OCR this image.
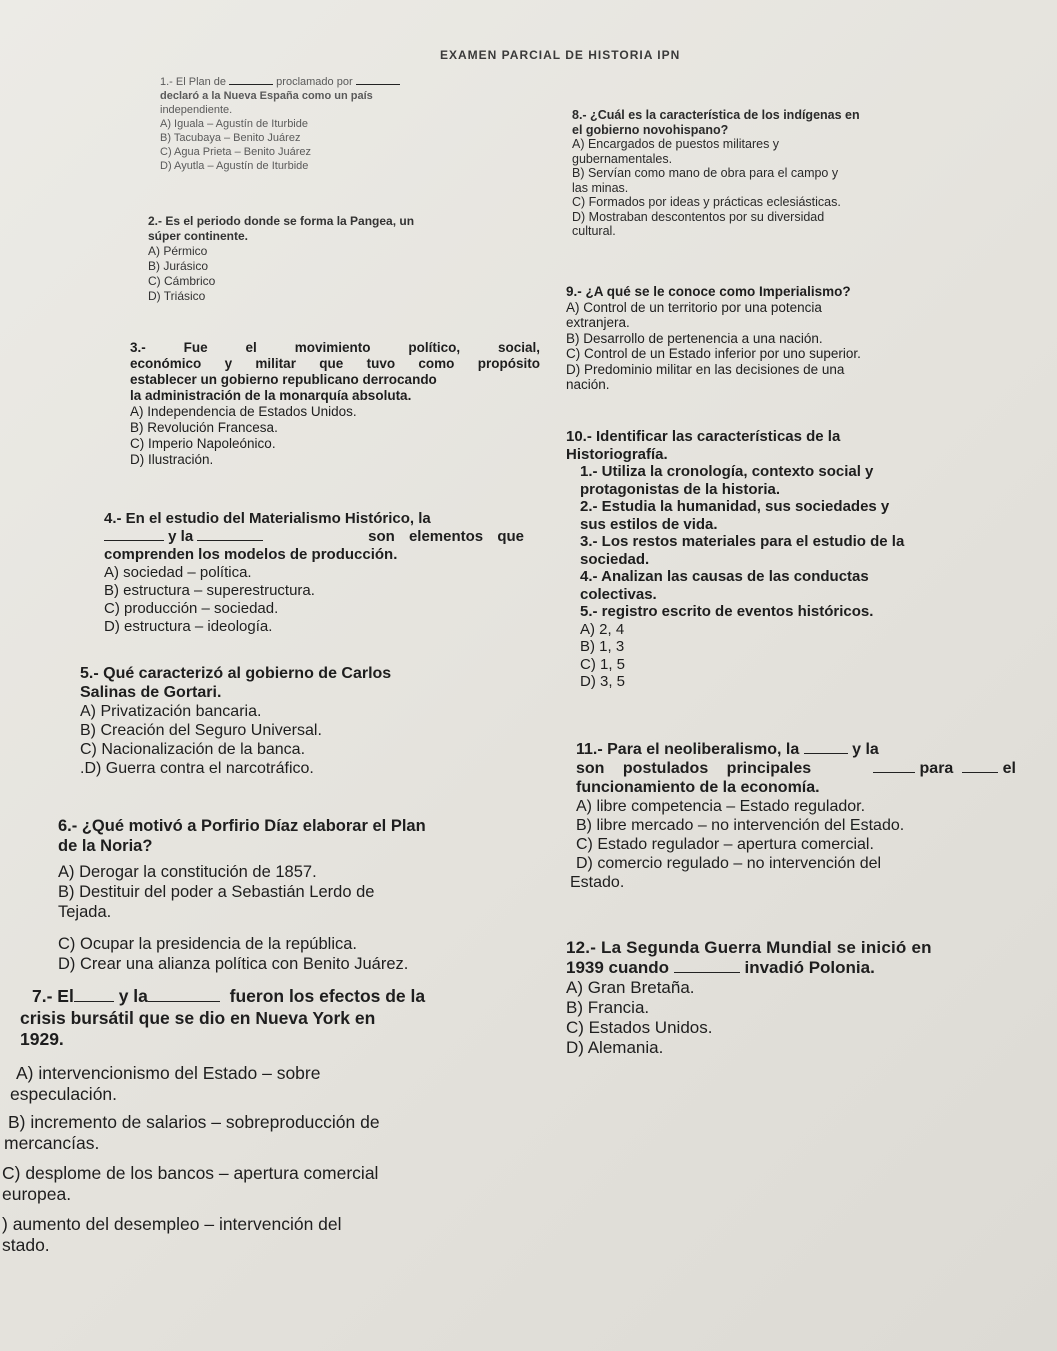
EXAMEN PARCIAL DE HISTORIA IPN
1.- El Plan de	proclamado por
declaró a la Nueva España como un país
independiente.
A) Iguala – Agustín de Iturbide
B) Tacubaya – Benito Juárez
C) Agua Prieta – Benito Juárez
D) Ayutla – Agustín de Iturbide
2.- Es el periodo donde se forma la Pangea, un
súper continente.
A) Pérmico
B) Jurásico
C) Cámbrico
D) Triásico
3.- Fue el movimiento político, social,
económico y militar que tuvo como propósito
establecer un gobierno republicano derrocando
la administración de la monarquía absoluta.
A) Independencia de Estados Unidos.
B) Revolución Francesa.
C) Imperio Napoleónico.
D) Ilustración.
4.- En el estudio del Materialismo Histórico, la
y la	son elementos que
comprenden los modelos de producción.
A) sociedad – política.
B) estructura – superestructura.
C) producción – sociedad.
D) estructura – ideología.
5.- Qué caracterizó al gobierno de Carlos
Salinas de Gortari.
A) Privatización bancaria.
B) Creación del Seguro Universal.
C) Nacionalización de la banca.
.D) Guerra contra el narcotráfico.
6.- ¿Qué motivó a Porfirio Díaz elaborar el Plan
de la Noria?
A) Derogar la constitución de 1857.
B) Destituir del poder a Sebastián Lerdo de
Tejada.
C) Ocupar la presidencia de la república.
D) Crear una alianza política con Benito Juárez.
7.- El	y la	fueron los efectos de la
crisis bursátil que se dio en Nueva York en
1929.
A) intervencionismo del Estado – sobre
especulación.
B) incremento de salarios – sobreproducción de
mercancías.
C) desplome de los bancos – apertura comercial
europea.
) aumento del desempleo – intervención del
stado.
8.- ¿Cuál es la característica de los indígenas en
el gobierno novohispano?
A) Encargados de puestos militares y
gubernamentales.
B) Servían como mano de obra para el campo y
las minas.
C) Formados por ideas y prácticas eclesiásticas.
D) Mostraban descontentos por su diversidad
cultural.
9.- ¿A qué se le conoce como Imperialismo?
A) Control de un territorio por una potencia
extranjera.
B) Desarrollo de pertenencia a una nación.
C) Control de un Estado inferior por uno superior.
D) Predominio militar en las decisiones de una
nación.
10.- Identificar las características de la
Historiografía.
1.- Utiliza la cronología, contexto social y
protagonistas de la historia.
2.- Estudia la humanidad, sus sociedades y
sus estilos de vida.
3.- Los restos materiales para el estudio de la
sociedad.
4.- Analizan las causas de las conductas
colectivas.
5.- registro escrito de eventos históricos.
A) 2, 4
B) 1, 3
C) 1, 5
D) 3, 5
11.- Para el neoliberalismo, la	y la
son postulados principales	para	el
funcionamiento de la economía.
A) libre competencia – Estado regulador.
B) libre mercado – no intervención del Estado.
C) Estado regulador – apertura comercial.
D) comercio regulado – no intervención del
Estado.
12.- La Segunda Guerra Mundial se inició en
1939 cuando	invadió Polonia.
A) Gran Bretaña.
B) Francia.
C) Estados Unidos.
D) Alemania.
